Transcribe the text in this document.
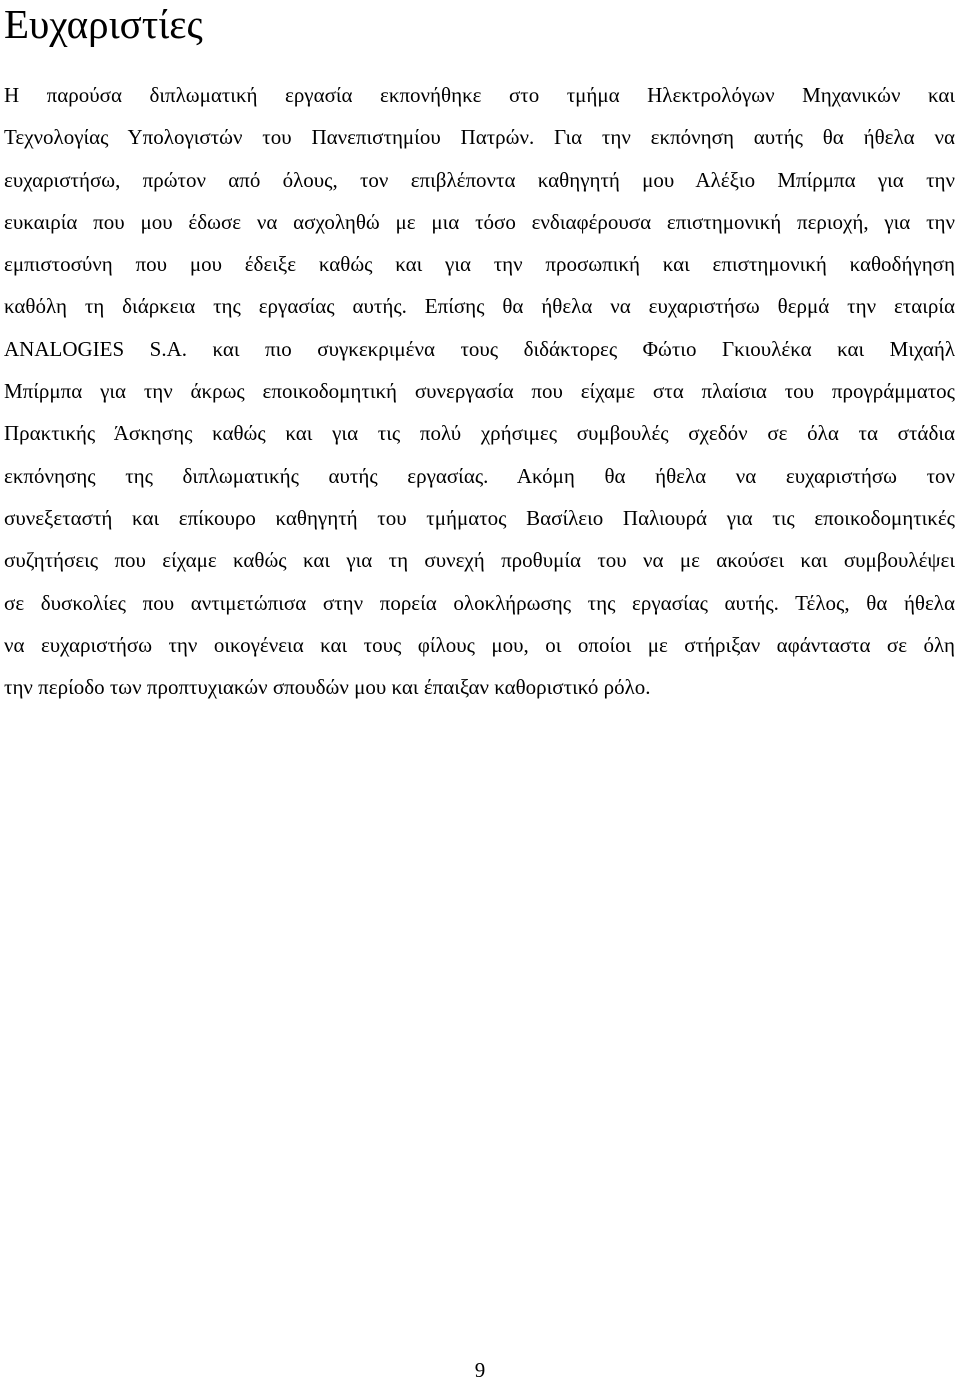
Ευχαριστίες
Η παρούσα διπλωματική εργασία εκπονήθηκε στο τμήμα Ηλεκτρολόγων Μηχανικών και
Τεχνολογίας Υπολογιστών του Πανεπιστημίου Πατρών. Για την εκπόνηση αυτής θα ήθελα να
ευχαριστήσω, πρώτον από όλους, τον επιβλέποντα καθηγητή μου Αλέξιο Μπίρμπα για την
ευκαιρία που μου έδωσε να ασχοληθώ με μια τόσο ενδιαφέρουσα επιστημονική περιοχή, για την
εμπιστοσύνη που μου έδειξε καθώς και για την προσωπική και επιστημονική καθοδήγηση
καθόλη τη διάρκεια της εργασίας αυτής. Επίσης θα ήθελα να ευχαριστήσω θερμά την εταιρία
ANALOGIES S.A. και πιο συγκεκριμένα τους διδάκτορες Φώτιο Γκιουλέκα και Μιχαήλ
Μπίρμπα για την άκρως εποικοδομητική συνεργασία που είχαμε στα πλαίσια του προγράμματος
Πρακτικής Άσκησης καθώς και για τις πολύ χρήσιμες συμβουλές σχεδόν σε όλα τα στάδια
εκπόνησης της διπλωματικής αυτής εργασίας. Ακόμη θα ήθελα να ευχαριστήσω τον
συνεξεταστή και επίκουρο καθηγητή του τμήματος Βασίλειο Παλιουρά για τις εποικοδομητικές
συζητήσεις που είχαμε καθώς και για τη συνεχή προθυμία του να με ακούσει και συμβουλέψει
σε δυσκολίες που αντιμετώπισα στην πορεία ολοκλήρωσης της εργασίας αυτής. Τέλος, θα ήθελα
να ευχαριστήσω την οικογένεια και τους φίλους μου, οι οποίοι με στήριξαν αφάνταστα σε όλη
την περίοδο των προπτυχιακών σπουδών μου και έπαιξαν καθοριστικό ρόλο.
9
